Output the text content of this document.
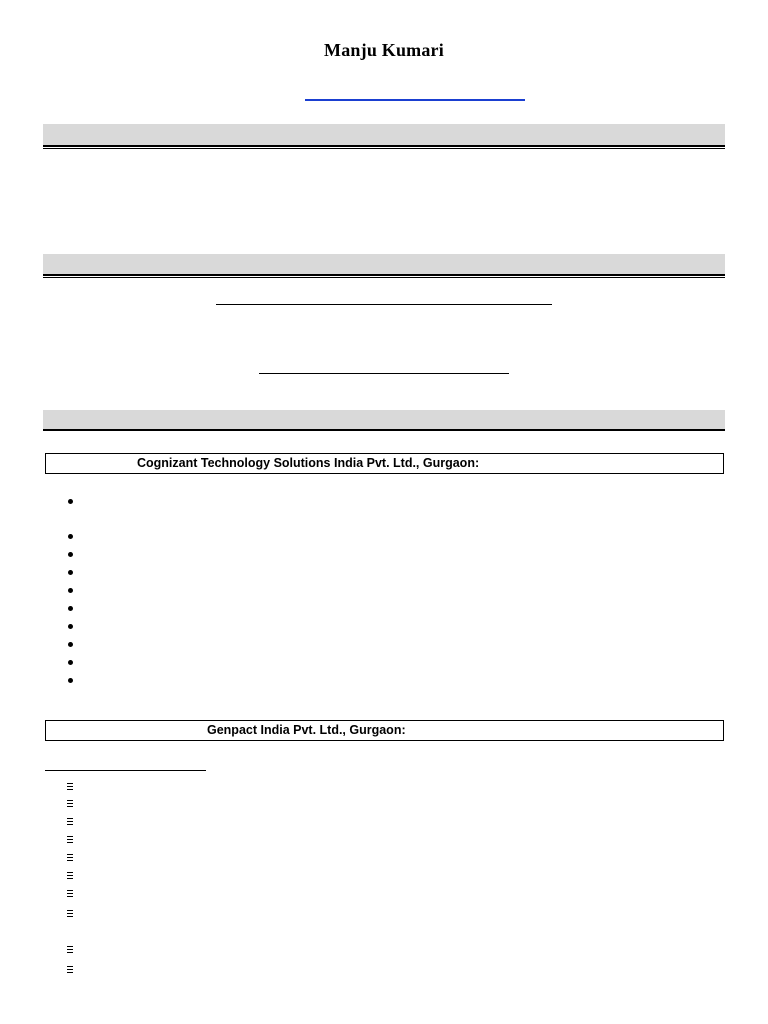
Manju Kumari
Cognizant Technology Solutions India Pvt. Ltd., Gurgaon:
Genpact India Pvt. Ltd., Gurgaon:
